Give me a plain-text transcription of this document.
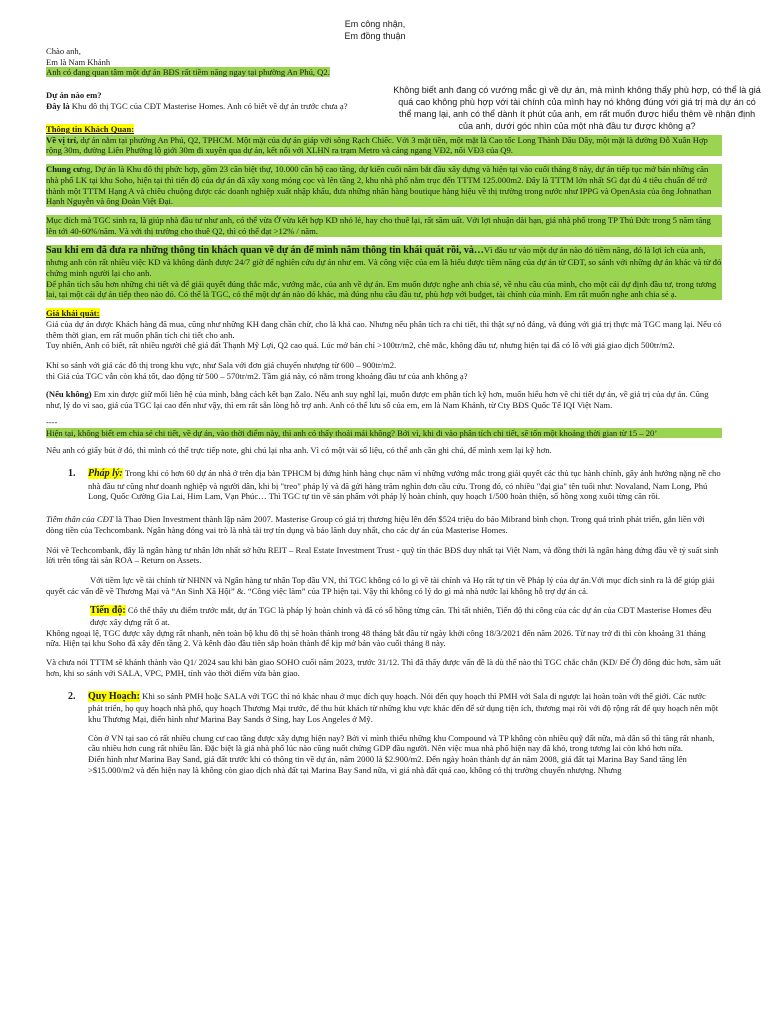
Em công nhận,
Em đồng thuận

Chào anh,

Em là Nam Khánh

Anh có đang quan tâm một dự án BĐS rất tiềm năng ngay tại phường An Phú, Q2.

Dự án nào em?

Đây là Khu đô thị TGC của CĐT Masterise Homes. Anh có biết về dự án trước chưa ạ?

Không biết anh đang có vướng mắc gì về dự án, mà mình không thấy phù hợp, có thể là giá quá cao không phù hợp với tài chính của mình hay nó không đúng với giá trị mà dự án có thể mang lại, anh có thể dành ít phút của anh, em rất muốn được hiểu thêm về nhận định của anh, dưới góc nhìn của một nhà đầu tư được không ạ?

Thông tin Khách Quan:

Về vị trí, dự án nằm tại phường An Phú, Q2, TPHCM. Một mặt của dự án giáp với sông Rạch Chiếc. Với 3 mặt tiền, một mặt là Cao tốc Long Thành Dầu Dây, một mặt là đường Đỗ Xuân Hợp rộng 30m, đường Liên Phường lộ giới 30m đi xuyên qua dự án, kết nối với XLHN ra trạm Metro và cảng ngang VĐ2, nối VĐ3 của Q9.

Chung cưng, Dự án là Khu đô thị phức hợp, gồm 23 căn biệt thự, 10.000 căn hộ cao tầng, dự kiến cuối năm bắt đầu xây dựng và hiện tại vào cuối tháng 8 này, dự án tiếp tục mở bán những căn nhà phố LK tại khu Soho, hiện tại thì tiến độ của dự án đã xây xong móng cọc và lên tầng 2, khu nhà phố nằm trục đến TTTM 125.000m2. Đây là TTTM lớn nhất SG đạt đủ 4 tiêu chuẩn để trở thành một TTTM Hạng A và chiêu chuộng được các doanh nghiệp xuất nhập khẩu, đưa những nhãn hàng boutique hàng hiệu về thị trường trong nước như IPPG và OpenAsia của ông Johnathan Hạnh Nguyễn và ông Đoàn Việt Đại.

Mục đích mà TGC sinh ra, là giúp nhà đầu tư như anh, có thể vừa Ở vừa kết hợp KD nhỏ lẻ, hay cho thuê lại, rất sầm uất. Với lợi nhuận dài hạn, giá nhà phố trong TP Thủ Đức trong 5 năm tăng lên tới 40-60%/năm. Và với thị trường cho thuê Q2, thì có thể đạt >12% / năm.

Sau khi em đã đưa ra những thông tin khách quan về dự án để mình nắm thông tin khái quát rồi, và…Vì đầu tư vào một dự án nào đó tiềm năng, đó là lợi ích của anh, nhưng anh còn rất nhiều việc KD và không dành được 24/7 giờ để nghiên cứu dự án như em. Và công việc của em là hiểu được tiềm năng của dự án từ CĐT, so sánh với những dự án khác và từ đó chứng minh người lại cho anh.

Để phân tích sâu hơn những chi tiết và để giải quyết đúng thắc mắc, vướng mắc, của anh về dự án. Em muốn được nghe anh chia sẻ, về nhu cầu của mình, cho một cái dự định đầu tư, trong tương lai, tại một cái dự án tiếp theo nào đó. Có thể là TGC, có thể một dự án nào đó khác, mà đúng nhu cầu đầu tư, phù hợp với budget, tài chính của mình. Em rất muốn nghe anh chia sẻ ạ.

Giá khái quát:

Giá của dự án được Khách hàng đã mua, cũng như những KH đang chần chừ, cho là khá cao. Nhưng nếu phân tích ra chi tiết, thì thật sự nó đáng, và đúng với giá trị thực mà TGC mang lại. Nếu có thêm thời gian, em rất muốn phân tích chi tiết cho anh.

Tuy nhiên, Anh có biết, rất nhiều người chê giá đất Thạnh Mỹ Lợi, Q2 cao quá. Lúc mở bán chỉ >100tr/m2, chê mắc, không đầu tư, nhưng hiện tại đã có lô với giá giao dịch 500tr/m2.

Khi so sánh với giá các đô thị trong khu vực, như Sala với đơn giá chuyển nhượng từ 600 – 900tr/m2.

thì Giá của TGC vẫn còn khá tốt, dao động từ 500 – 570tr/m2. Tầm giá này, có nằm trong khoảng đầu tư của anh không ạ?

(Nếu không) Em xin được giữ mối liên hệ của mình, bằng cách kết bạn Zalo. Nếu anh suy nghĩ lại, muốn được em phân tích kỹ hơn, muốn hiểu hơn về chi tiết dự án, về giá trị của dự án. Cũng như, lý do vì sao, giá của TGC lại cao đến như vậy, thì em rất sẵn lòng hỗ trợ anh. Anh có thể lưu số của em, em là Nam Khánh, từ Cty BĐS Quốc Tế IQI Việt Nam.

----

Hiện tại, không biết em chia sẻ chi tiết, về dự án, vào thời điểm này, thì anh có thấy thoải mái không? Bởi vì, khi đi vào phân tích chi tiết, sẽ tốn một khoảng thời gian từ 15 – 20’

Nếu anh có giấy bút ở đó, thì mình có thể trực tiếp note, ghi chú lại nha anh. Vì có một vài số liệu, có thể anh cần ghi chú, để mình xem lại kỹ hơn.

1. Pháp lý: Trong khi có hơn 60 dự án nhà ở trên địa bàn TPHCM bị đứng hình hàng chục năm vì những vướng mắc trong giải quyết các thủ tục hành chính, gây ảnh hưởng nặng nề cho nhà đầu tư cũng như doanh nghiệp và người dân, khi bị "treo" pháp lý và đã gửi hàng trăm nghìn đơn cầu cứu. Trong đó, có nhiều "đại gia" tên tuổi như: Novaland, Nam Long, Phú Long, Quốc Cường Gia Lai, Him Lam, Vạn Phúc… Thì TGC tự tin về sản phẩm với pháp lý hoàn chỉnh, quy hoạch 1/500 hoàn thiện, sổ hồng xong xuôi từng căn rồi.

Tiềm thân của CĐT là Thao Dien Investment thành lập năm 2007. Masterise Group có giá trị thương hiệu lên đến $524 triệu do báo Mibrand bình chọn. Trong quá trình phát triển, gắn liền với dòng tiền của Techcombank. Ngân hàng đóng vai trò là nhà tài trợ tín dụng và bảo lãnh duy nhất, cho các dự án của Masterise Homes.

Nói về Techcombank, đây là ngân hàng tư nhân lớn nhất sở hữu REIT – Real Estate Investment Trust - quỹ tín thác BĐS duy nhất tại Việt Nam, và đồng thời là ngân hàng đứng đầu về tỷ suất sinh lời trên tổng tài sản ROA – Return on Assets.

Với tiềm lực về tài chính từ NHNN và Ngân hàng tư nhân Top đầu VN, thì TGC không có lo gì về tài chính và Họ rất tự tin về Pháp lý của dự án.Với mục đích sinh ra là để giúp giải quyết các vấn đề về Thương Mại và “An Sinh Xã Hội” &. “Công việc làm” của TP hiện tại. Vậy thì không có lý do gì mà nhà nước lại không hỗ trợ dự án cả.

Tiến độ: Có thể thấy ưu điểm trước mắt, dự án TGC là pháp lý hoàn chỉnh và đã có sổ hồng từng căn. Thì tất nhiên, Tiến độ thi công của các dự án của CĐT Masterise Homes đều được xây dựng rất ổ at.

Không ngoại lệ, TGC được xây dựng rất nhanh, nên toàn bộ khu đô thị sẽ hoàn thành trong 48 tháng bắt đầu từ ngày khởi công 18/3/2021 đến năm 2026. Từ nay trở đi thì còn khoảng 31 tháng nữa. Hiện tại khu Soho đã xây đến tầng 2. Và kênh đào đầu tiên sắp hoàn thành để kịp mở bán vào cuối tháng 8 này.

Và chưa nói TTTM sẽ khánh thành vào Q1/ 2024 sau khi bàn giao SOHO cuối năm 2023, trước 31/12. Thì đã thấy được vấn đề là dù thế nào thì TGC chắc chắn (KD/ Để Ở) đông đúc hơn, sầm uất hơn, khi so sánh với SALA, VPC, PMH, tính vào thời điểm vừa bàn giao.

2. Quy Hoạch: Khi so sánh PMH hoặc SALA với TGC thì nó khác nhau ở mục đích quy hoạch. Nói đến quy hoạch thì PMH với Sala đi ngược lại hoàn toàn với thế giới. Các nước phát triển, họ quy hoạch nhà phố, quy hoạch Thương Mại trước, để thu hút khách từ những khu vực khác đến để sử dụng tiện ích, thương mại rồi với độ rộng rất để quy hoạch nên một khu Thương Mại, điển hình như Marina Bay Sands ở Sing, hay Los Angeles ở Mỹ.

Còn ở VN tại sao có rất nhiều chung cư cao tầng được xây dựng hiện nay? Bởi vì mình thiếu những khu Compound và TP không còn nhiều quỹ đất nữa, mà dân số thì tăng rất nhanh, cầu nhiều hơn cung rất nhiều lần. Đặc biệt là giá nhà phố lúc nào cũng nuốt chửng GDP đầu người. Nên việc mua nhà phố hiện nay đã khó, trong tương lai còn khó hơn nữa.

Điển hình như Marina Bay Sand, giá đất trước khi có thông tin về dự án, năm 2000 là $2.900/m2. Đến ngày hoàn thành dự án năm 2008, giá đất tại Marina Bay Sand tăng lên >$15.000/m2 và đến hiện nay là không còn giao dịch nhà đất tại Marina Bay Sand nữa, vì giá nhà đất quá cao, không có thị trường chuyển nhượng. Nhưng
